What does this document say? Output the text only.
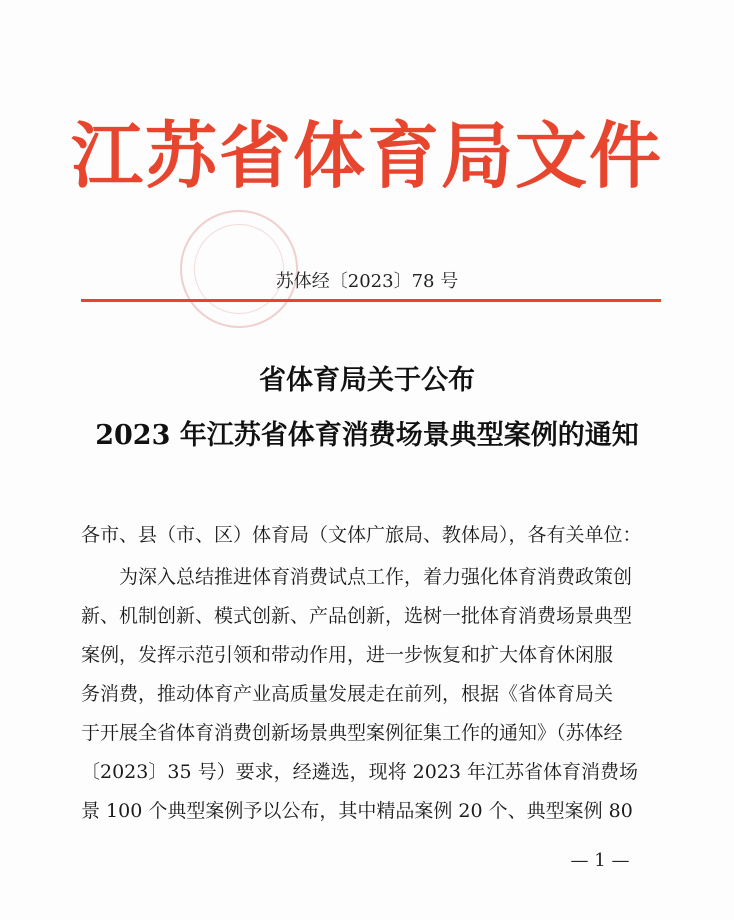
江苏省体育局文件
苏体经〔2023〕78 号
省体育局关于公布
2023 年江苏省体育消费场景典型案例的通知
各市、县（市、区）体育局（文体广旅局、教体局），各有关单位：
　　为深入总结推进体育消费试点工作，着力强化体育消费政策创
新、机制创新、模式创新、产品创新，选树一批体育消费场景典型
案例，发挥示范引领和带动作用，进一步恢复和扩大体育休闲服
务消费，推动体育产业高质量发展走在前列，根据《省体育局关
于开展全省体育消费创新场景典型案例征集工作的通知》（苏体经
〔2023〕35 号）要求，经遴选，现将 2023 年江苏省体育消费场
景 100 个典型案例予以公布，其中精品案例 20 个、典型案例 80
— 1 —
